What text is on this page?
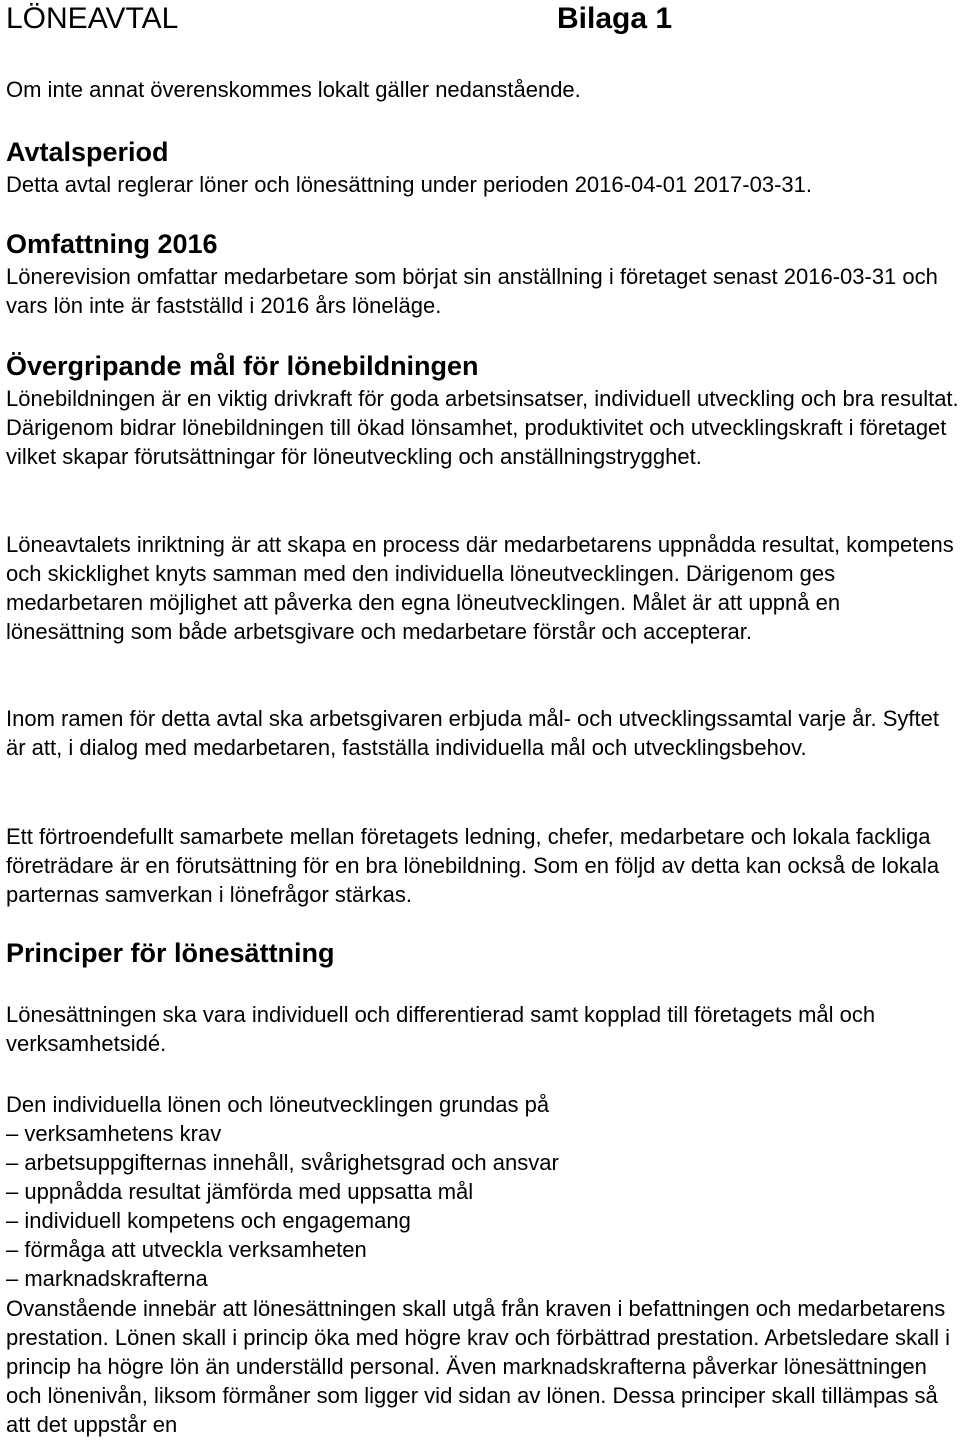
LÖNEAVTAL	Bilaga 1
Om inte annat överenskommes lokalt gäller nedanstående.
Avtalsperiod

Detta avtal reglerar löner och lönesättning under perioden 2016-04-01 2017-03-31.

Omfattning 2016

Lönerevision omfattar medarbetare som börjat sin anställning i företaget senast 2016-03-31 och vars lön inte är fastställd i 2016 års löneläge.

Övergripande mål för lönebildningen

Lönebildningen är en viktig drivkraft för goda arbetsinsatser, individuell utveckling och bra resultat. Därigenom bidrar lönebildningen till ökad lönsamhet, produktivitet och utvecklingskraft i företaget vilket skapar förutsättningar för löneutveckling och anställningstrygghet.

Löneavtalets inriktning är att skapa en process där medarbetarens uppnådda resultat, kompetens och skicklighet knyts samman med den individuella löneutvecklingen. Därigenom ges medarbetaren möjlighet att påverka den egna löneutvecklingen. Målet är att uppnå en lönesättning som både arbetsgivare och medarbetare förstår och accepterar.

Inom ramen för detta avtal ska arbetsgivaren erbjuda mål- och utvecklingssamtal varje år. Syftet är att, i dialog med medarbetaren, fastställa individuella mål och utvecklingsbehov.

Ett förtroendefullt samarbete mellan företagets ledning, chefer, medarbetare och lokala fackliga företrädare är en förutsättning för en bra lönebildning. Som en följd av detta kan också de lokala parternas samverkan i lönefrågor stärkas.

Principer för lönesättning

Lönesättningen ska vara individuell och differentierad samt kopplad till företagets mål och verksamhetsidé.

Den individuella lönen och löneutvecklingen grundas på
– verksamhetens krav
– arbetsuppgifternas innehåll, svårighetsgrad och ansvar
– uppnådda resultat jämförda med uppsatta mål
– individuell kompetens och engagemang
– förmåga att utveckla verksamheten
– marknadskrafterna

Ovanstående innebär att lönesättningen skall utgå från kraven i befattningen och medarbetarens prestation. Lönen skall i princip öka med högre krav och förbättrad prestation. Arbetsledare skall i princip ha högre lön än underställd personal. Även marknadskrafterna påverkar lönesättningen och lönenivån, liksom förmåner som ligger vid sidan av lönen. Dessa principer skall tillämpas så att det uppstår en
